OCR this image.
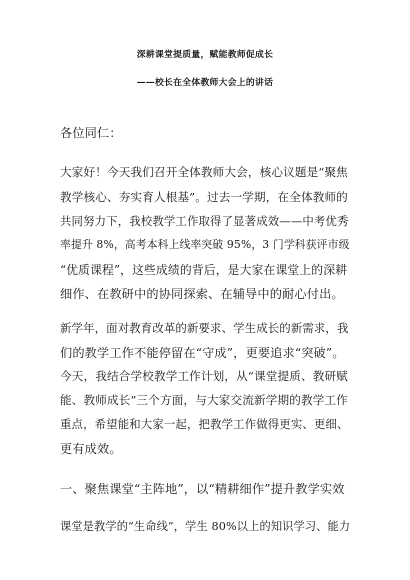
深耕课堂提质量，赋能教师促成长
——校长在全体教师大会上的讲话
各位同仁：
大家好！今天我们召开全体教师大会，核心议题是“聚焦
教学核心、夯实育人根基”。过去一学期，在全体教师的
共同努力下，我校教学工作取得了显著成效——中考优秀
率提升 8%，高考本科上线率突破 95%，3 门学科获评市级
“优质课程”，这些成绩的背后，是大家在课堂上的深耕
细作、在教研中的协同探索、在辅导中的耐心付出。
新学年，面对教育改革的新要求、学生成长的新需求，我
们的教学工作不能停留在“守成”，更要追求“突破”。
今天，我结合学校教学工作计划，从“课堂提质、教研赋
能、教师成长”三个方面，与大家交流新学期的教学工作
重点，希望能和大家一起，把教学工作做得更实、更细、
更有成效。
一、聚焦课堂“主阵地”，以“精耕细作”提升教学实效
课堂是教学的“生命线”，学生 80%以上的知识学习、能力
